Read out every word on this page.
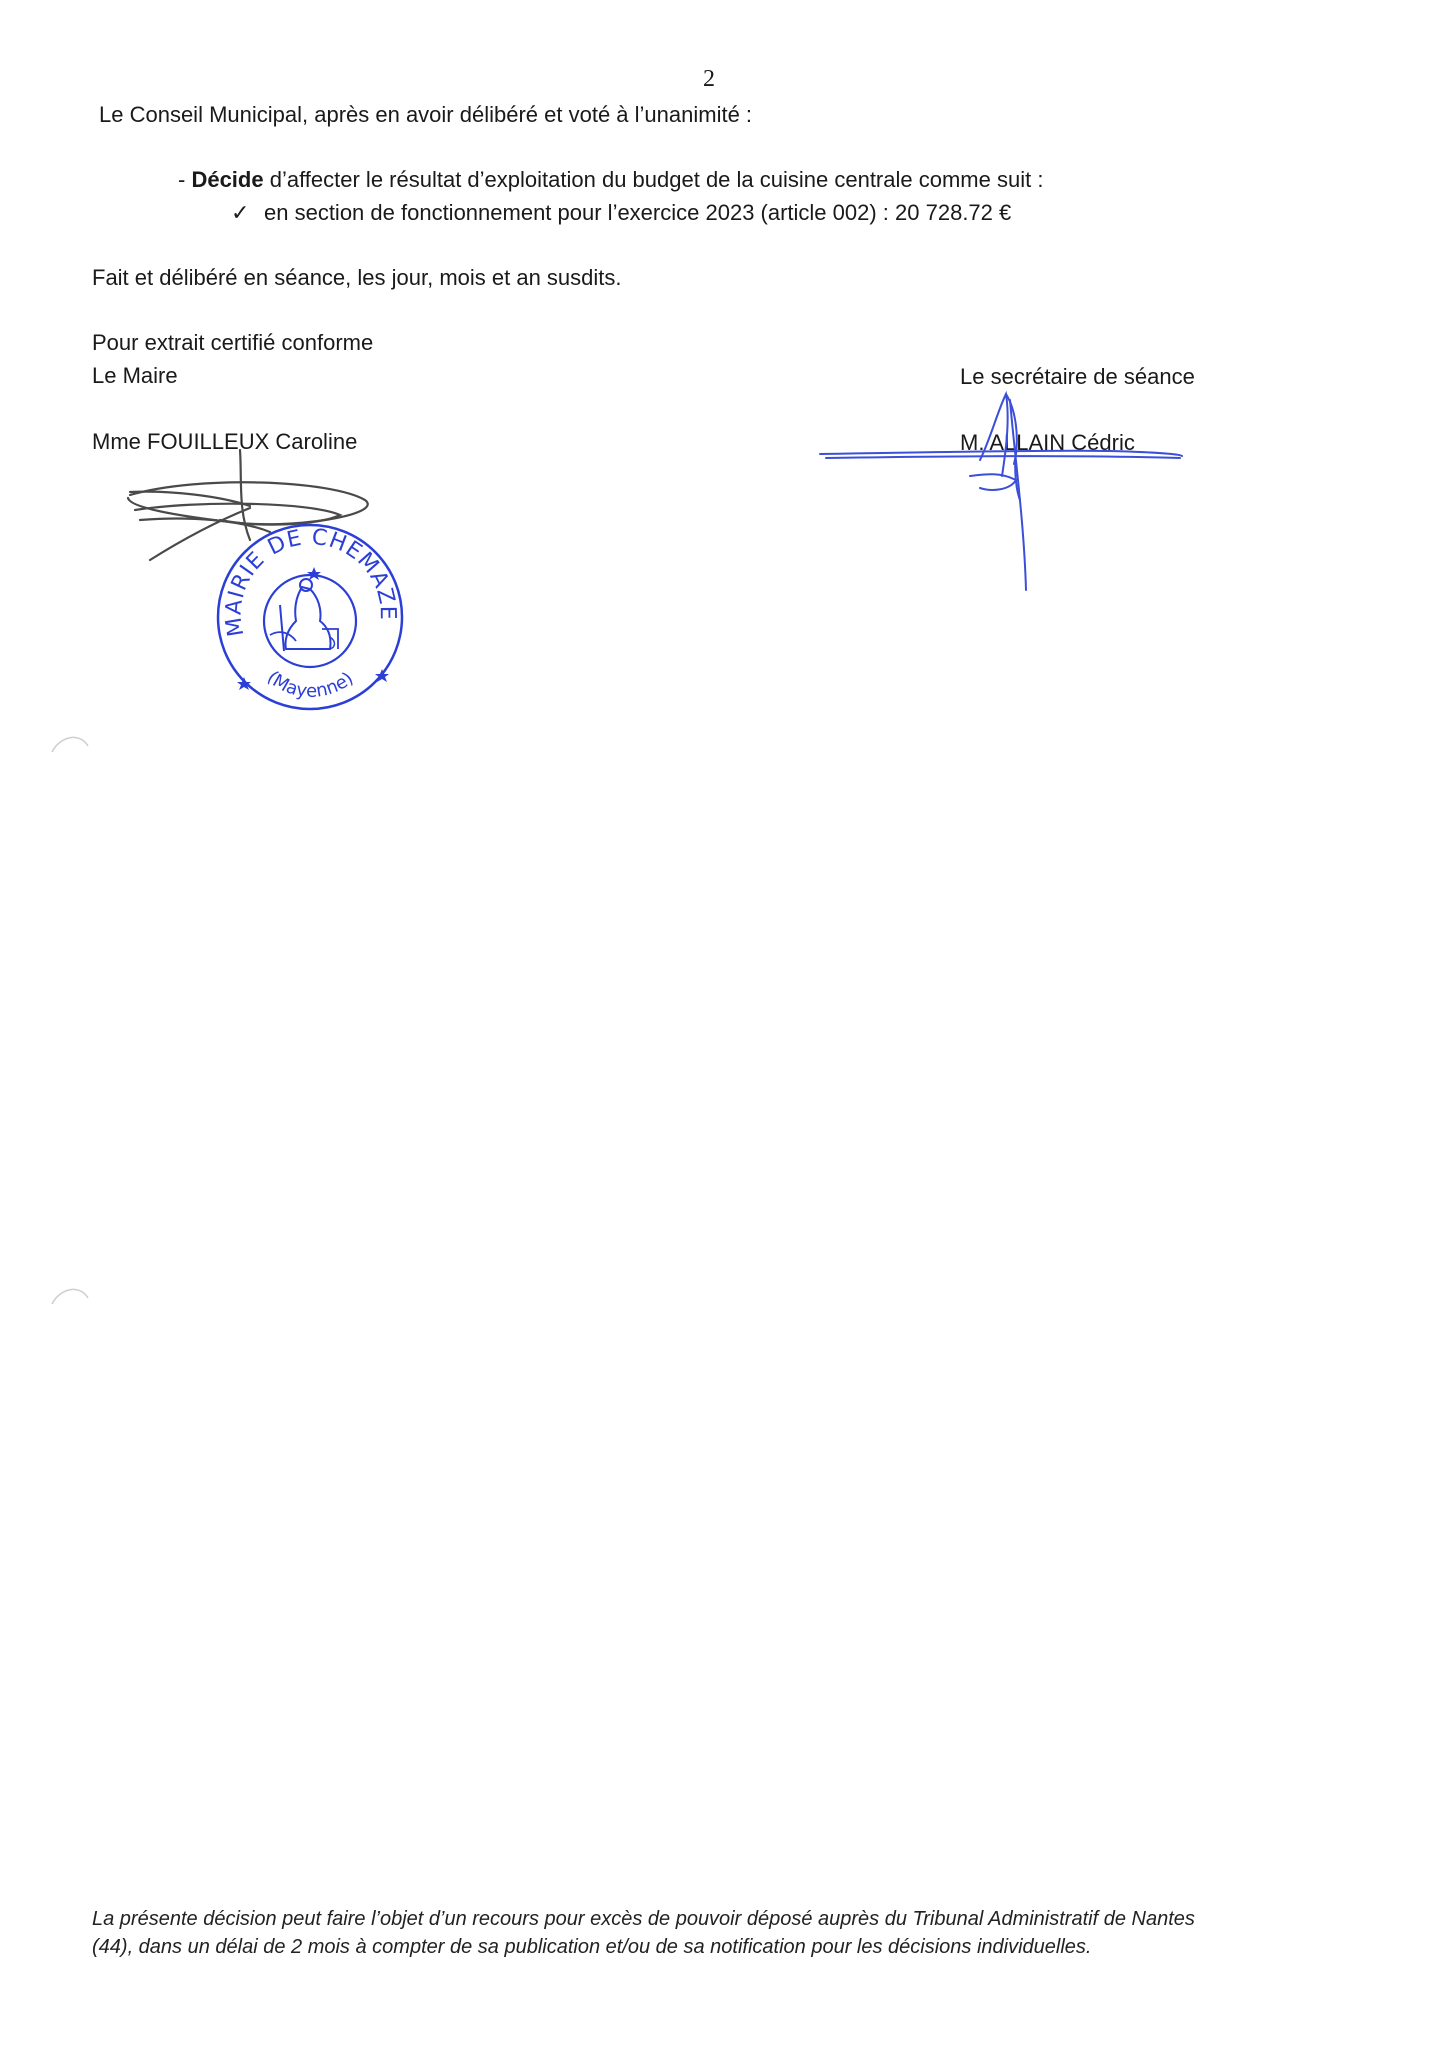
2
Le Conseil Municipal, après en avoir délibéré et voté à l’unanimité :
- Décide d’affecter le résultat d’exploitation du budget de la cuisine centrale comme suit :
✓ en section de fonctionnement pour l’exercice 2023 (article 002) : 20 728.72 €
Fait et délibéré en séance, les jour, mois et an susdits.
Pour extrait certifié conforme
Le Maire
Mme FOUILLEUX Caroline
Le secrétaire de séance
M. ALLAIN Cédric
MAIRIE DE CHEMAZE
(Mayenne)
La présente décision peut faire l’objet d’un recours pour excès de pouvoir déposé auprès du Tribunal Administratif de Nantes
(44), dans un délai de 2 mois à compter de sa publication et/ou de sa notification pour les décisions individuelles.
